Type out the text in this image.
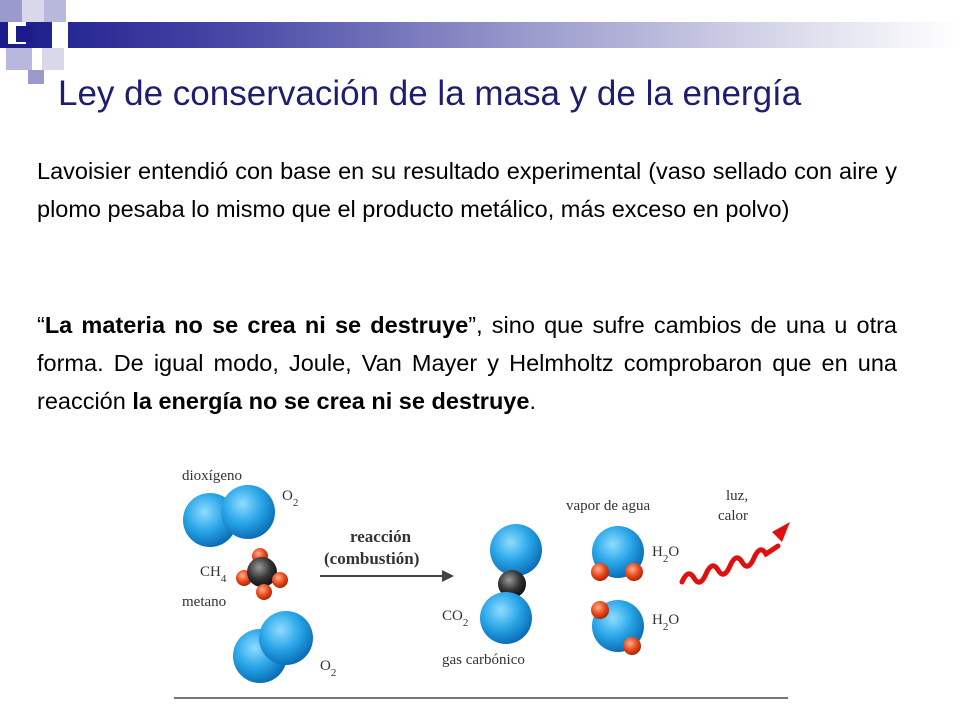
Ley de conservación de la masa y de la energía

Lavoisier entendió con base en su resultado experimental (vaso sellado con aire y plomo pesaba lo mismo que el producto metálico, más exceso en polvo)

“La materia no se crea ni se destruye”, sino que sufre cambios de una u otra forma. De igual modo, Joule, Van Mayer y Helmholtz comprobaron que en una reacción la energía no se crea ni se destruye.

dioxígeno
$O_2$
$CH_4$
metano
$O_2$
reacción
(combustión)
$CO_2$
gas carbónico
vapor de agua
$H_2O$
$H_2O$
luz,
calor
